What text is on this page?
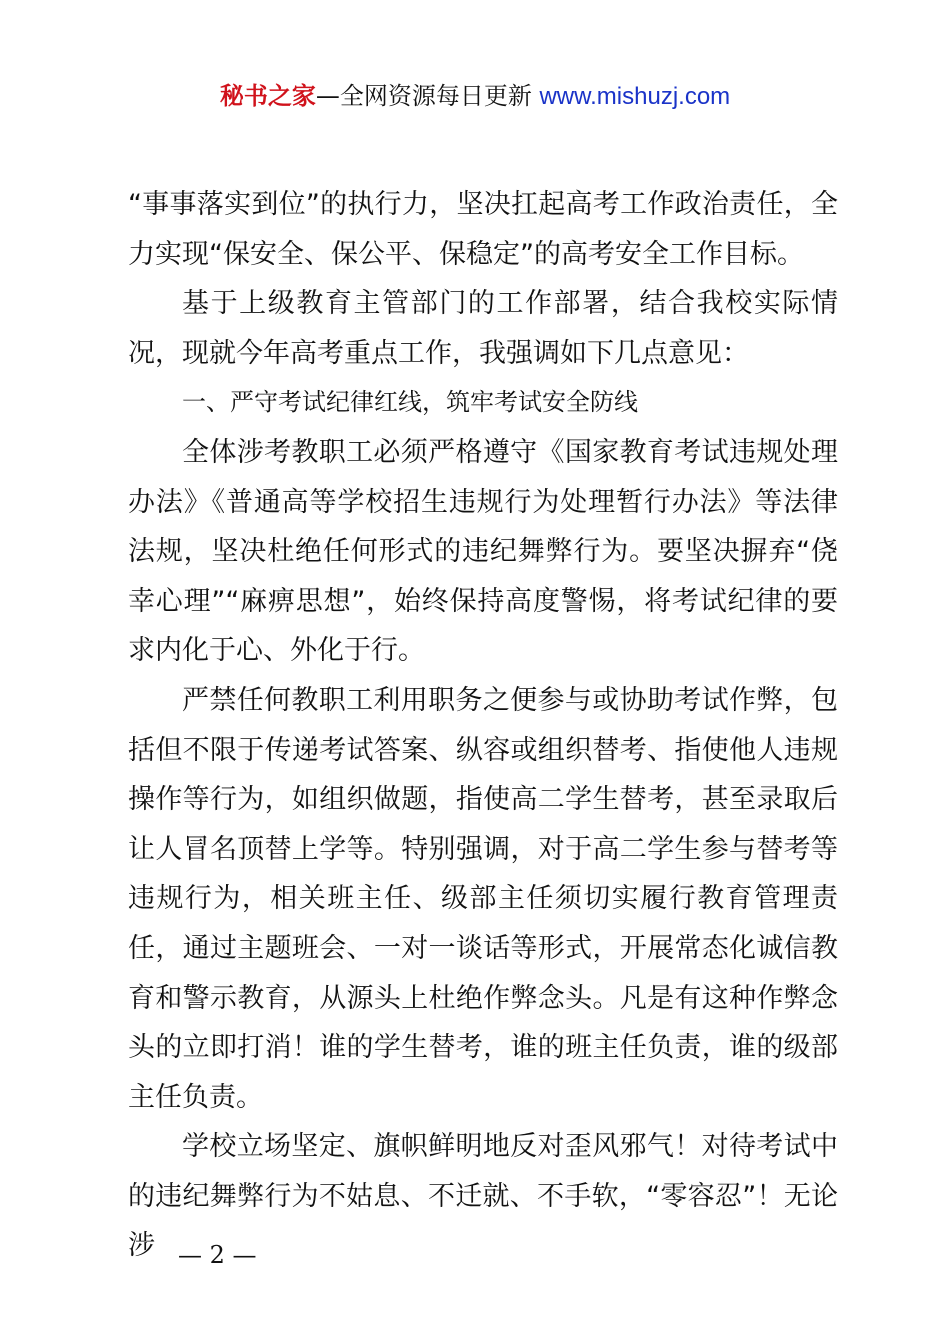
秘书之家—全网资源每日更新 www.mishuzj.com

“事事落实到位”的执行力，坚决扛起高考工作政治责任，全力实现“保安全、保公平、保稳定”的高考安全工作目标。

基于上级教育主管部门的工作部署，结合我校实际情况，现就今年高考重点工作，我强调如下几点意见：

一、严守考试纪律红线，筑牢考试安全防线

全体涉考教职工必须严格遵守《国家教育考试违规处理办法》《普通高等学校招生违规行为处理暂行办法》等法律法规，坚决杜绝任何形式的违纪舞弊行为。要坚决摒弃“侥幸心理”“麻痹思想”，始终保持高度警惕，将考试纪律的要求内化于心、外化于行。

严禁任何教职工利用职务之便参与或协助考试作弊，包括但不限于传递考试答案、纵容或组织替考、指使他人违规操作等行为，如组织做题，指使高二学生替考，甚至录取后让人冒名顶替上学等。特别强调，对于高二学生参与替考等违规行为，相关班主任、级部主任须切实履行教育管理责任，通过主题班会、一对一谈话等形式，开展常态化诚信教育和警示教育，从源头上杜绝作弊念头。凡是有这种作弊念头的立即打消！谁的学生替考，谁的班主任负责，谁的级部主任负责。

学校立场坚定、旗帜鲜明地反对歪风邪气！对待考试中的违纪舞弊行为不姑息、不迁就、不手软，“零容忍”！无论涉 — 2 —
